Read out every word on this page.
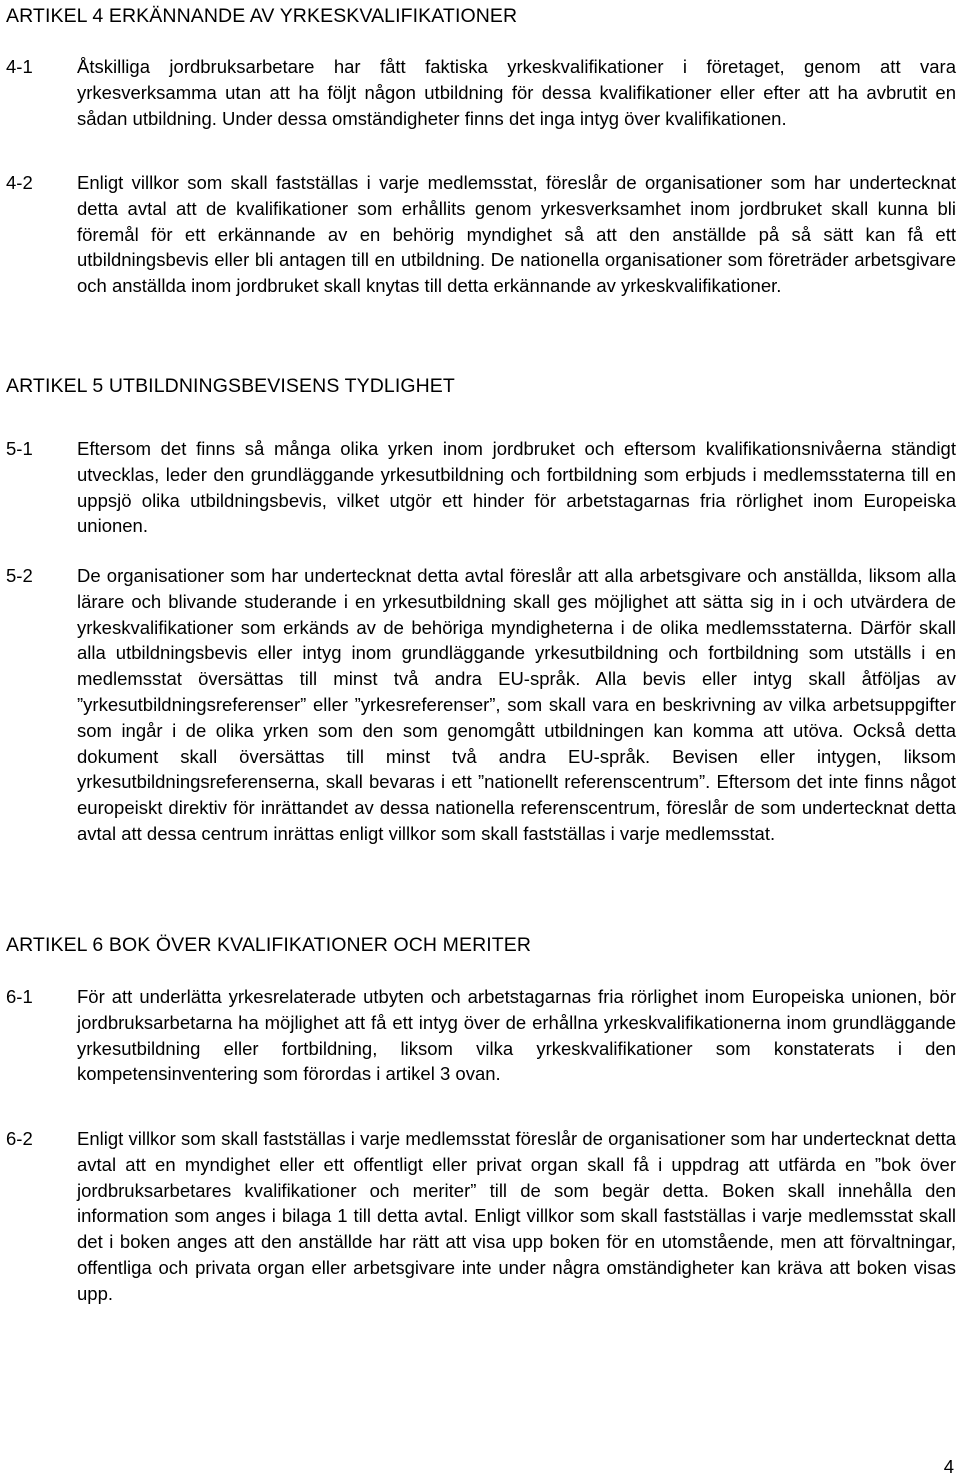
ARTIKEL 4 ERKÄNNANDE AV YRKESKVALIFIKATIONER
4-1 Åtskilliga jordbruksarbetare har fått faktiska yrkeskvalifikationer i företaget, genom att vara yrkesverksamma utan att ha följt någon utbildning för dessa kvalifikationer eller efter att ha avbrutit en sådan utbildning. Under dessa omständigheter finns det inga intyg över kvalifikationen.
4-2 Enligt villkor som skall fastställas i varje medlemsstat, föreslår de organisationer som har undertecknat detta avtal att de kvalifikationer som erhållits genom yrkesverksamhet inom jordbruket skall kunna bli föremål för ett erkännande av en behörig myndighet så att den anställde på så sätt kan få ett utbildningsbevis eller bli antagen till en utbildning. De nationella organisationer som företräder arbetsgivare och anställda inom jordbruket skall knytas till detta erkännande av yrkeskvalifikationer.
ARTIKEL 5 UTBILDNINGSBEVISENS TYDLIGHET
5-1 Eftersom det finns så många olika yrken inom jordbruket och eftersom kvalifikationsnivåerna ständigt utvecklas, leder den grundläggande yrkesutbildning och fortbildning som erbjuds i medlemsstaterna till en uppsjö olika utbildningsbevis, vilket utgör ett hinder för arbetstagarnas fria rörlighet inom Europeiska unionen.
5-2 De organisationer som har undertecknat detta avtal föreslår att alla arbetsgivare och anställda, liksom alla lärare och blivande studerande i en yrkesutbildning skall ges möjlighet att sätta sig in i och utvärdera de yrkeskvalifikationer som erkänds av de behöriga myndigheterna i de olika medlemsstaterna. Därför skall alla utbildningsbevis eller intyg inom grundläggande yrkesutbildning och fortbildning som utställs i en medlemsstat översättas till minst två andra EU-språk. Alla bevis eller intyg skall åtföljas av ”yrkesutbildningsreferenser” eller ”yrkesreferenser”, som skall vara en beskrivning av vilka arbetsuppgifter som ingår i de olika yrken som den som genomgått utbildningen kan komma att utöva. Också detta dokument skall översättas till minst två andra EU-språk. Bevisen eller intygen, liksom yrkesutbildningsreferenserna, skall bevaras i ett ”nationellt referenscentrum”. Eftersom det inte finns något europeiskt direktiv för inrättandet av dessa nationella referenscentrum, föreslår de som undertecknat detta avtal att dessa centrum inrättas enligt villkor som skall fastställas i varje medlemsstat.
ARTIKEL 6 BOK ÖVER KVALIFIKATIONER OCH MERITER
6-1 För att underlätta yrkesrelaterade utbyten och arbetstagarnas fria rörlighet inom Europeiska unionen, bör jordbruksarbetarna ha möjlighet att få ett intyg över de erhållna yrkeskvalifikationerna inom grundläggande yrkesutbildning eller fortbildning, liksom vilka yrkeskvalifikationer som konstaterats i den kompetensinventering som förordas i artikel 3 ovan.
6-2 Enligt villkor som skall fastställas i varje medlemsstat föreslår de organisationer som har undertecknat detta avtal att en myndighet eller ett offentligt eller privat organ skall få i uppdrag att utfärda en ”bok över jordbruksarbetares kvalifikationer och meriter” till de som begär detta. Boken skall innehålla den information som anges i bilaga 1 till detta avtal. Enligt villkor som skall fastställas i varje medlemsstat skall det i boken anges att den anställde har rätt att visa upp boken för en utomstående, men att förvaltningar, offentliga och privata organ eller arbetsgivare inte under några omständigheter kan kräva att boken visas upp.
4
